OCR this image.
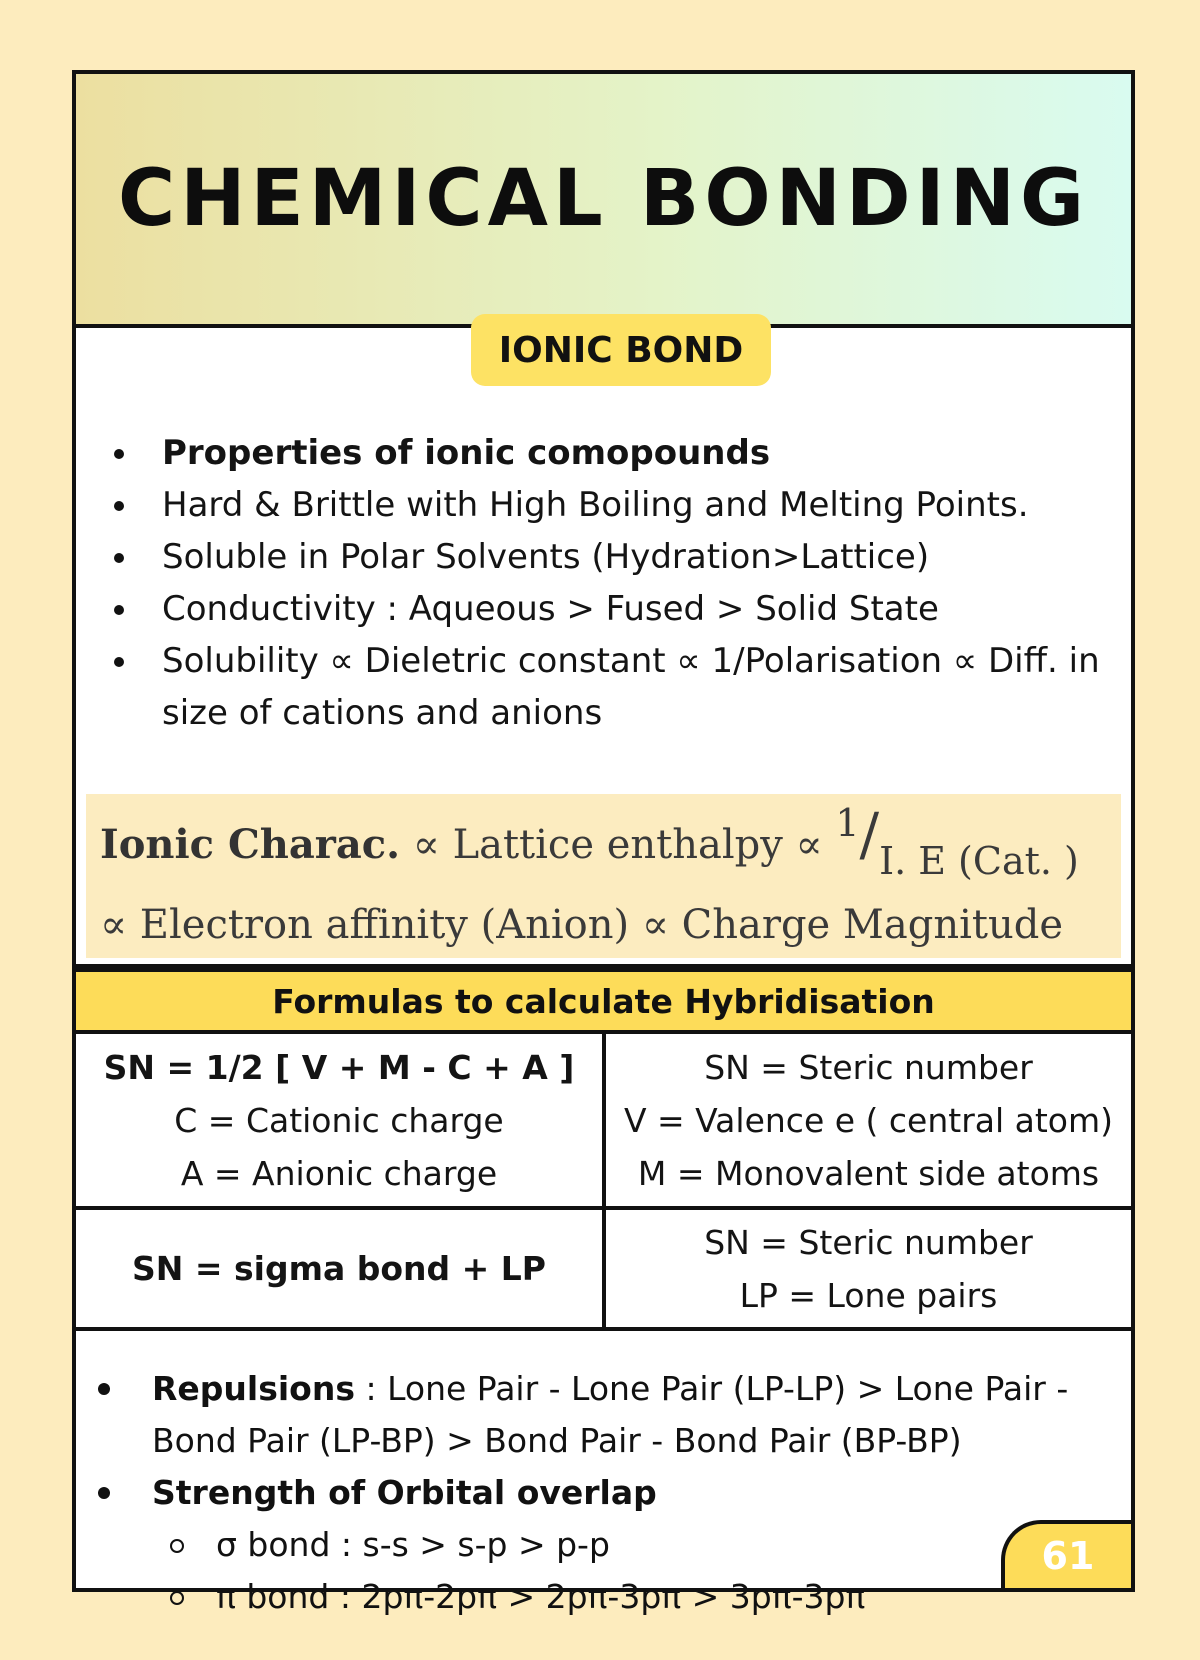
CHEMICAL BONDING
IONIC BOND
Properties of ionic comopounds
Hard & Brittle with High Boiling and Melting Points.
Soluble in Polar Solvents (Hydration>Lattice)
Conductivity : Aqueous > Fused > Solid State
Solubility ∝ Dieletric constant ∝ 1/Polarisation ∝ Diff. in size of cations and anions
Ionic Charac. ∝ Lattice enthalpy ∝ 1/I. E (Cat. )
∝ Electron affinity (Anion) ∝ Charge Magnitude
Formulas to calculate Hybridisation
SN = 1/2 [ V + M - C + A ]
C = Cationic charge
A = Anionic charge
SN = Steric number
V = Valence e ( central atom)
M = Monovalent side atoms
SN = sigma bond + LP
SN = Steric number
LP = Lone pairs
Repulsions : Lone Pair - Lone Pair (LP-LP) > Lone Pair - Bond Pair (LP-BP) > Bond Pair - Bond Pair (BP-BP)
Strength of Orbital overlap
σ bond : s-s > s-p > p-p
π bond : 2pπ-2pπ > 2pπ-3pπ > 3pπ-3pπ
61
